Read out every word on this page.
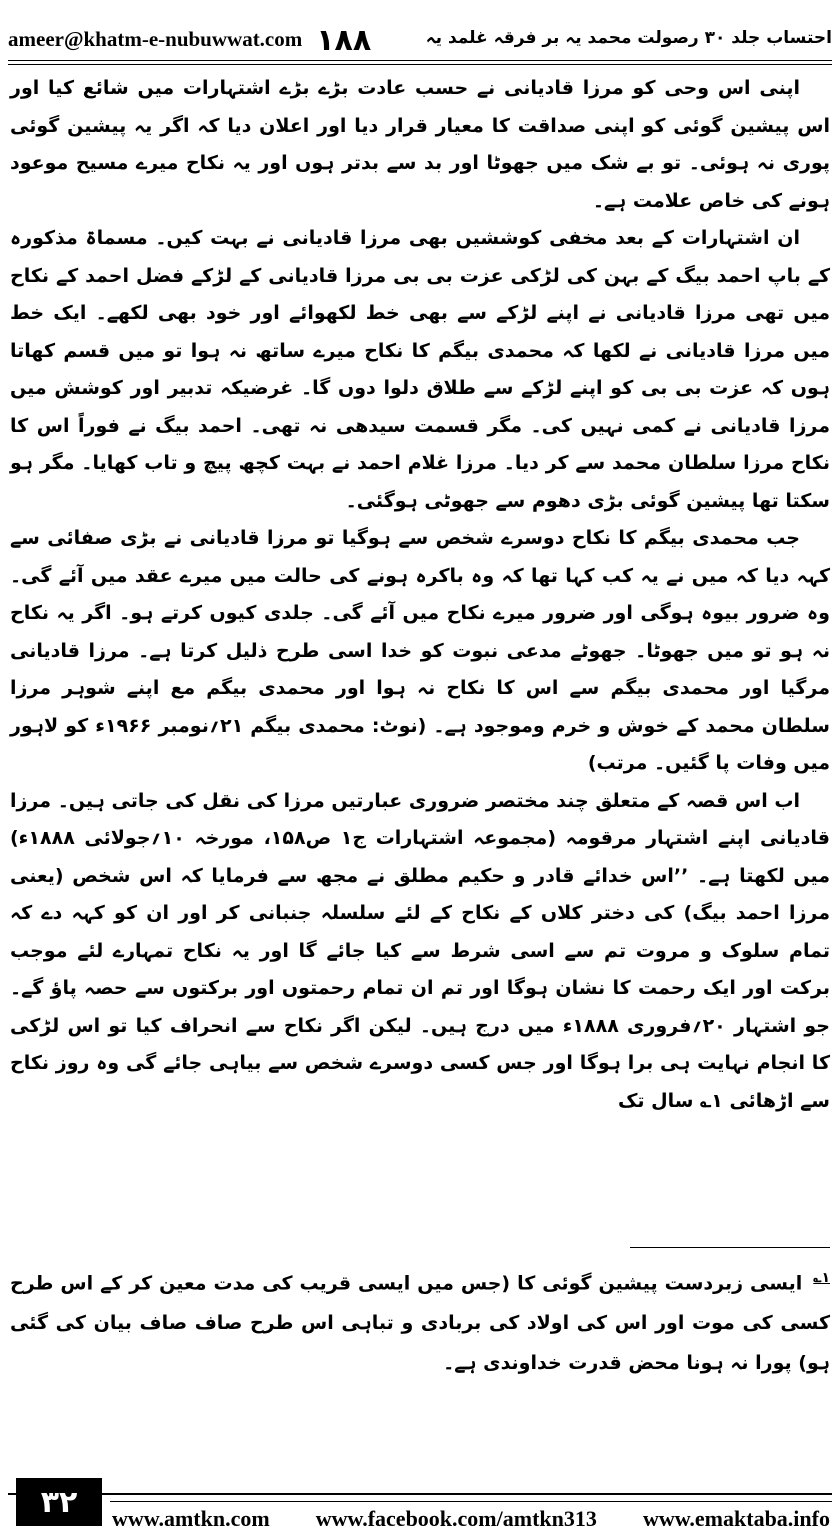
ameer@khatm-e-nubuwwat.com ۱۸۸	احتساب جلد ۳۰ رصولت محمد یہ بر فرقہ غلمد یہ

اپنی اس وحی کو مرزا قادیانی نے حسب عادت بڑے بڑے اشتہارات میں شائع کیا اور اس پیشین گوئی کو اپنی صداقت کا معیار قرار دیا اور اعلان دیا کہ اگر یہ پیشین گوئی پوری نہ ہوئی۔ تو بے شک میں جھوٹا اور بد سے بدتر ہوں اور یہ نکاح میرے مسیح موعود ہونے کی خاص علامت ہے۔

ان اشتہارات کے بعد مخفی کوششیں بھی مرزا قادیانی نے بہت کیں۔ مسماۃ مذکورہ کے باپ احمد بیگ کے بہن کی لڑکی عزت بی بی مرزا قادیانی کے لڑکے فضل احمد کے نکاح میں تھی مرزا قادیانی نے اپنے لڑکے سے بھی خط لکھوائے اور خود بھی لکھے۔ ایک خط میں مرزا قادیانی نے لکھا کہ محمدی بیگم کا نکاح میرے ساتھ نہ ہوا تو میں قسم کھاتا ہوں کہ عزت بی بی کو اپنے لڑکے سے طلاق دلوا دوں گا۔ غرضیکہ تدبیر اور کوشش میں مرزا قادیانی نے کمی نہیں کی۔ مگر قسمت سیدھی نہ تھی۔ احمد بیگ نے فوراً اس کا نکاح مرزا سلطان محمد سے کر دیا۔ مرزا غلام احمد نے بہت کچھ پیچ و تاب کھایا۔ مگر ہو سکتا تھا پیشین گوئی بڑی دھوم سے جھوٹی ہوگئی۔

جب محمدی بیگم کا نکاح دوسرے شخص سے ہوگیا تو مرزا قادیانی نے بڑی صفائی سے کہہ دیا کہ میں نے یہ کب کہا تھا کہ وہ باکرہ ہونے کی حالت میں میرے عقد میں آئے گی۔ وہ ضرور بیوہ ہوگی اور ضرور میرے نکاح میں آئے گی۔ جلدی کیوں کرتے ہو۔ اگر یہ نکاح نہ ہو تو میں جھوٹا۔ جھوٹے مدعی نبوت کو خدا اسی طرح ذلیل کرتا ہے۔ مرزا قادیانی مرگیا اور محمدی بیگم سے اس کا نکاح نہ ہوا اور محمدی بیگم مع اپنے شوہر مرزا سلطان محمد کے خوش و خرم وموجود ہے۔ (نوٹ: محمدی بیگم ۲۱؍نومبر ۱۹۶۶ء کو لاہور میں وفات پا گئیں۔ مرتب)

اب اس قصہ کے متعلق چند مختصر ضروری عبارتیں مرزا کی نقل کی جاتی ہیں۔ مرزا قادیانی اپنے اشتہار مرقومہ (مجموعہ اشتہارات ج۱ ص۱۵۸، مورخہ ۱۰؍جولائی ۱۸۸۸ء) میں لکھتا ہے۔ ’’اس خدائے قادر و حکیم مطلق نے مجھ سے فرمایا کہ اس شخص (یعنی مرزا احمد بیگ) کی دختر کلاں کے نکاح کے لئے سلسلہ جنبانی کر اور ان کو کہہ دے کہ تمام سلوک و مروت تم سے اسی شرط سے کیا جائے گا اور یہ نکاح تمہارے لئے موجب برکت اور ایک رحمت کا نشان ہوگا اور تم ان تمام رحمتوں اور برکتوں سے حصہ پاؤ گے۔ جو اشتہار ۲۰؍فروری ۱۸۸۸ء میں درج ہیں۔ لیکن اگر نکاح سے انحراف کیا تو اس لڑکی کا انجام نہایت ہی برا ہوگا اور جس کسی دوسرے شخص سے بیاہی جائے گی وہ روز نکاح سے اڑھائی ۱؎ سال تک

$^{۱؎}$ ایسی زبردست پیشین گوئی کا (جس میں ایسی قریب کی مدت معین کر کے اس طرح کسی کی موت اور اس کی اولاد کی بربادی و تباہی اس طرح صاف صاف بیان کی گئی ہو) پورا نہ ہونا محض قدرت خداوندی ہے۔

۳۲	www.amtkn.com www.facebook.com/amtkn313 www.emaktaba.info
